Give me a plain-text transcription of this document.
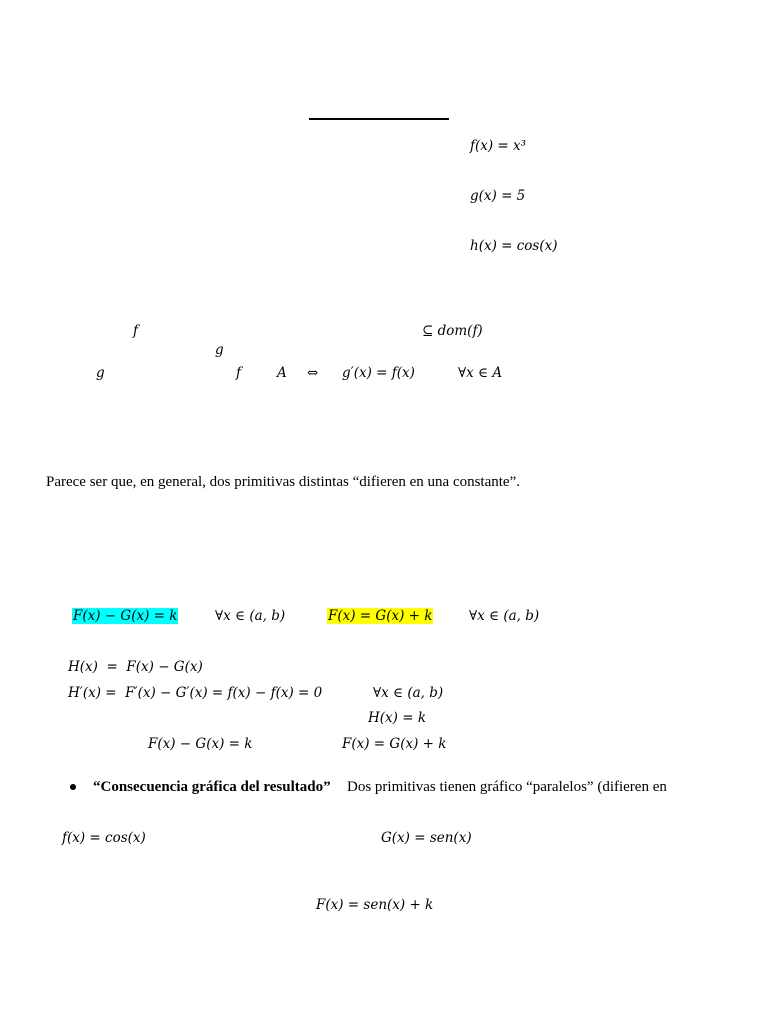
f(x) = x³
g(x) = 5
h(x) = cos(x)
f	⊆ dom(f)
g
g	f	A ⇔ g′(x) = f(x)	∀x ∈ A
Parece ser que, en general, dos primitivas distintas “difieren en una constante”.
F(x) − G(x) = k	∀x ∈ (a, b)	F(x) = G(x) + k	∀x ∈ (a, b)
H(x)  =  F(x) − G(x)
H′(x) =  F′(x) − G′(x) = f(x) − f(x) = 0	∀x ∈ (a, b)
H(x) = k
F(x) − G(x) = k	F(x) = G(x) + k
“Consecuencia gráfica del resultado” Dos primitivas tienen gráfico “paralelos” (difieren en
f(x) = cos(x)	G(x) = sen(x)
F(x) = sen(x) + k
